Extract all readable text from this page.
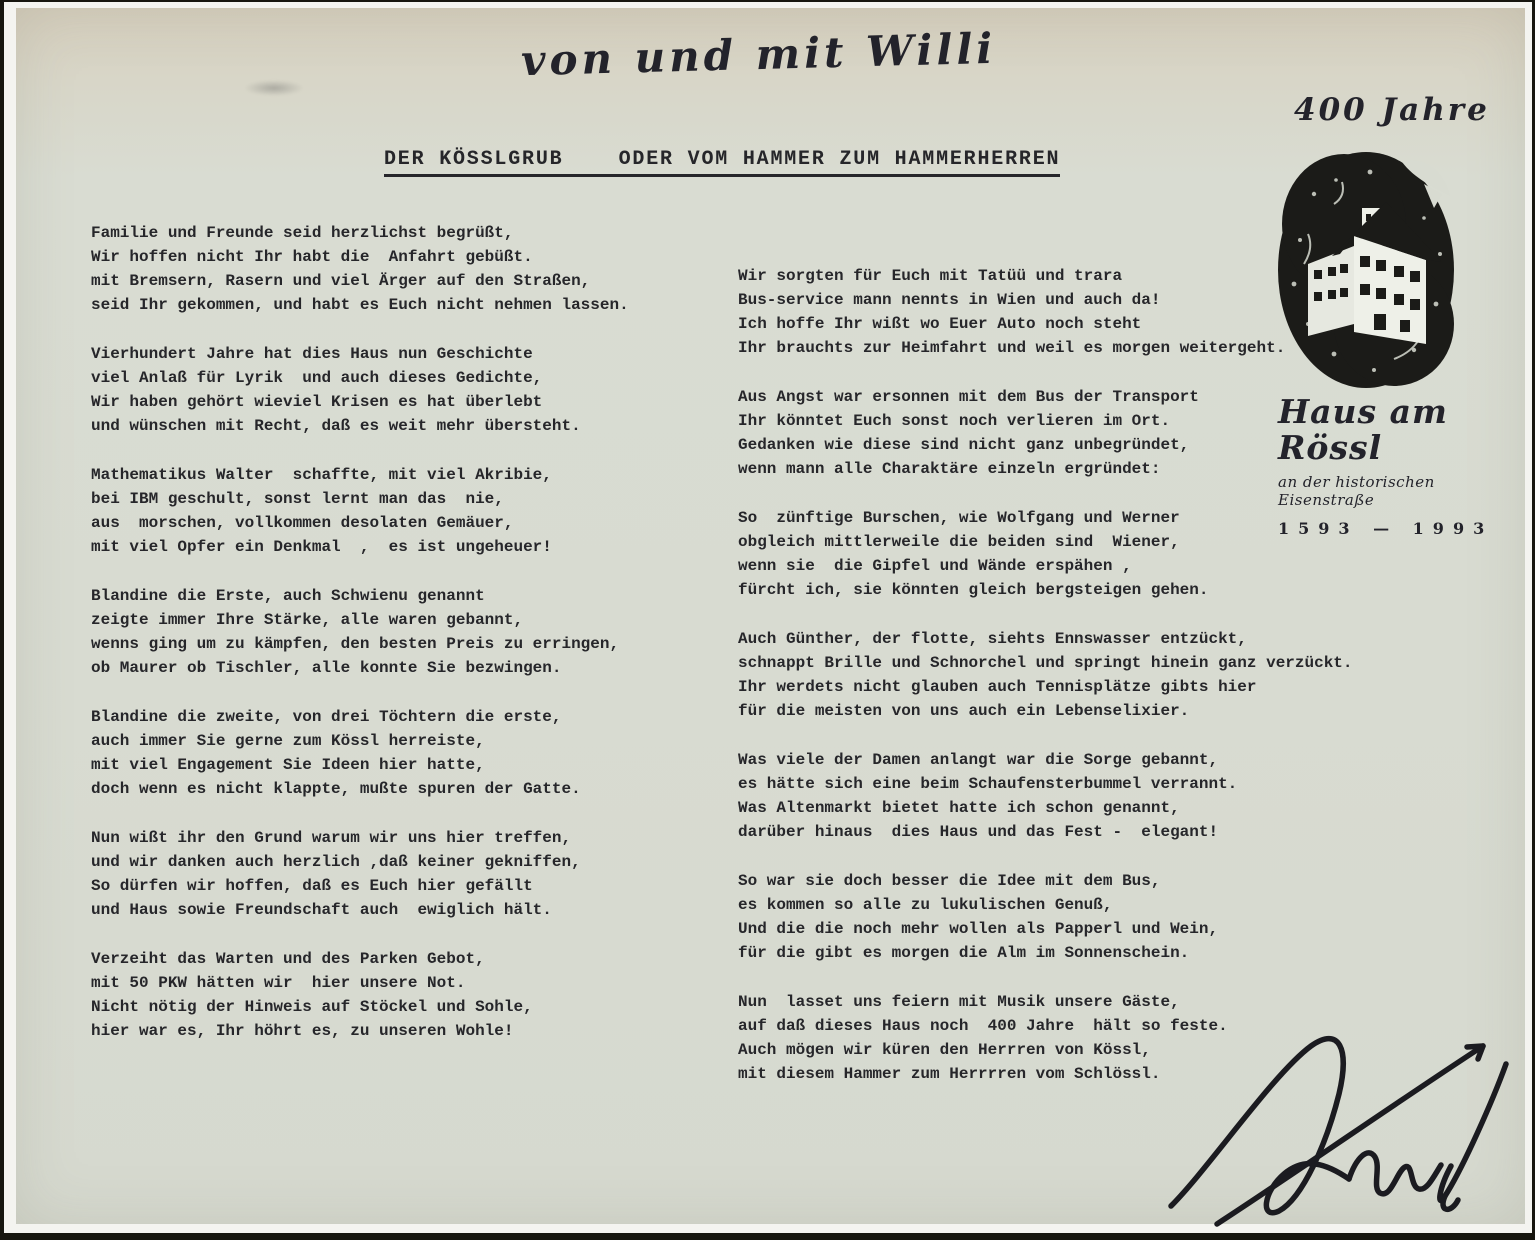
von und mit Willi
400 Jahre
DER KÖSSLGRUB    ODER VOM HAMMER ZUM HAMMERHERREN
Familie und Freunde seid herzlichst begrüßt,
Wir hoffen nicht Ihr habt die  Anfahrt gebüßt.
mit Bremsern, Rasern und viel Ärger auf den Straßen,
seid Ihr gekommen, und habt es Euch nicht nehmen lassen.
Vierhundert Jahre hat dies Haus nun Geschichte
viel Anlaß für Lyrik  und auch dieses Gedichte,
Wir haben gehört wieviel Krisen es hat überlebt
und wünschen mit Recht, daß es weit mehr übersteht.
Mathematikus Walter  schaffte, mit viel Akribie,
bei IBM geschult, sonst lernt man das  nie,
aus  morschen, vollkommen desolaten Gemäuer,
mit viel Opfer ein Denkmal  ,  es ist ungeheuer!
Blandine die Erste, auch Schwienu genannt
zeigte immer Ihre Stärke, alle waren gebannt,
wenns ging um zu kämpfen, den besten Preis zu erringen,
ob Maurer ob Tischler, alle konnte Sie bezwingen.
Blandine die zweite, von drei Töchtern die erste,
auch immer Sie gerne zum Kössl herreiste,
mit viel Engagement Sie Ideen hier hatte,
doch wenn es nicht klappte, mußte spuren der Gatte.
Nun wißt ihr den Grund warum wir uns hier treffen,
und wir danken auch herzlich ,daß keiner gekniffen,
So dürfen wir hoffen, daß es Euch hier gefällt
und Haus sowie Freundschaft auch  ewiglich hält.
Verzeiht das Warten und des Parken Gebot,
mit 50 PKW hätten wir  hier unsere Not.
Nicht nötig der Hinweis auf Stöckel und Sohle,
hier war es, Ihr höhrt es, zu unseren Wohle!
Wir sorgten für Euch mit Tatüü und trara
Bus-service mann nennts in Wien und auch da!
Ich hoffe Ihr wißt wo Euer Auto noch steht
Ihr brauchts zur Heimfahrt und weil es morgen weitergeht.
Aus Angst war ersonnen mit dem Bus der Transport
Ihr könntet Euch sonst noch verlieren im Ort.
Gedanken wie diese sind nicht ganz unbegründet,
wenn mann alle Charaktäre einzeln ergründet:
So  zünftige Burschen, wie Wolfgang und Werner
obgleich mittlerweile die beiden sind  Wiener,
wenn sie  die Gipfel und Wände erspähen ,
fürcht ich, sie könnten gleich bergsteigen gehen.
Auch Günther, der flotte, siehts Ennswasser entzückt,
schnappt Brille und Schnorchel und springt hinein ganz verzückt.
Ihr werdets nicht glauben auch Tennisplätze gibts hier
für die meisten von uns auch ein Lebenselixier.
Was viele der Damen anlangt war die Sorge gebannt,
es hätte sich eine beim Schaufensterbummel verrannt.
Was Altenmarkt bietet hatte ich schon genannt,
darüber hinaus  dies Haus und das Fest -  elegant!
So war sie doch besser die Idee mit dem Bus,
es kommen so alle zu lukulischen Genuß,
Und die die noch mehr wollen als Papperl und Wein,
für die gibt es morgen die Alm im Sonnenschein.
Nun  lasset uns feiern mit Musik unsere Gäste,
auf daß dieses Haus noch  400 Jahre  hält so feste.
Auch mögen wir küren den Herrren von Kössl,
mit diesem Hammer zum Herrrren vom Schlössl.
Haus am Rössl
an der historischen Eisenstraße
1593 — 1993
